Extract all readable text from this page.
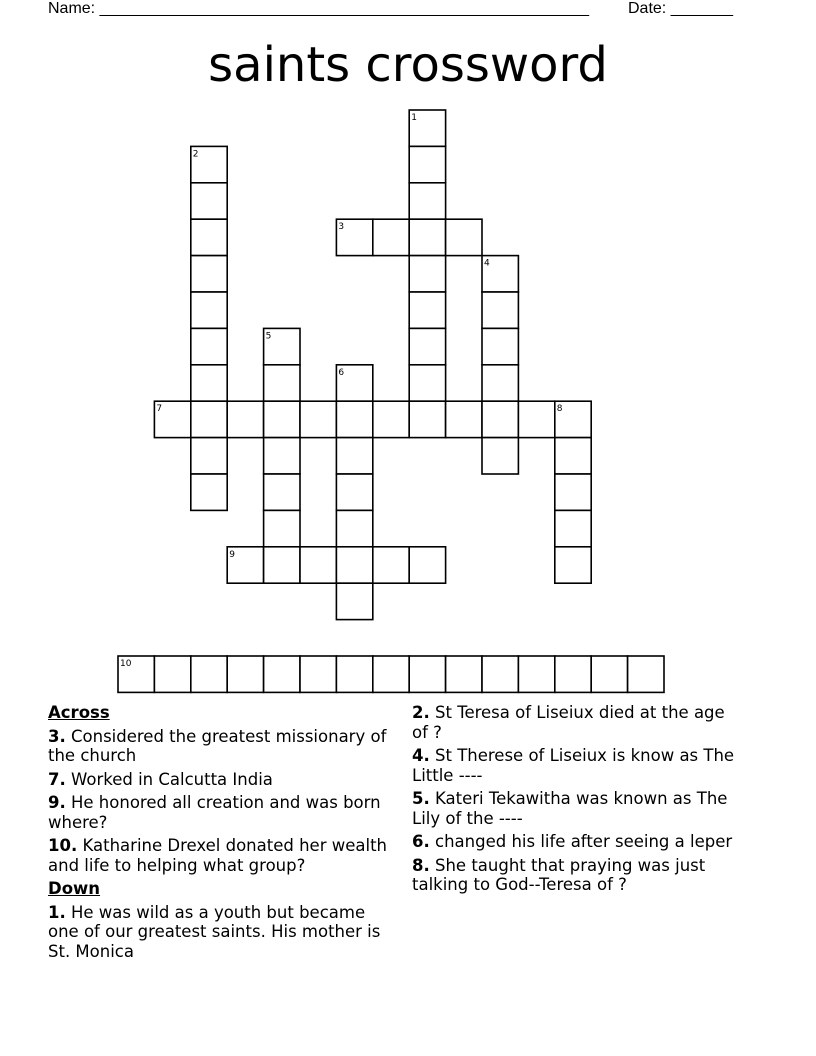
Name: _______________________________________________________ Date: _______
saints crossword
1
2
3
4
5
6
7	8
9
10
Across
3. Considered the greatest missionary of the church
7. Worked in Calcutta India
9. He honored all creation and was born where?
10. Katharine Drexel donated her wealth and life to helping what group?
Down
1. He was wild as a youth but became one of our greatest saints. His mother is St. Monica
2. St Teresa of Liseiux died at the age of ?
4. St Therese of Liseiux is know as The Little ----
5. Kateri Tekawitha was known as The Lily of the ----
6. changed his life after seeing a leper
8. She taught that praying was just talking to God--Teresa of ?
